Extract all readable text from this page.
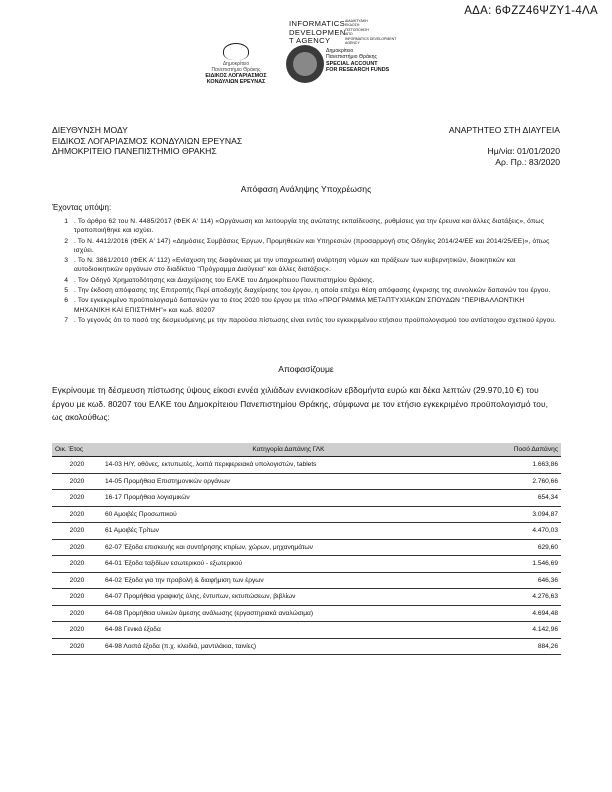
ΑΔΑ: 6ΦΖΖ46ΨΖΥ1-4ΛΑ
Δημοκρίτειο
Πανεπιστήμιο Θράκης
ΕΙΔΙΚΟΣ ΛΟΓΑΡΙΑΣΜΟΣ
ΚΟΝΔΥΛΙΩΝ ΕΡΕΥΝΑΣ
INFORMATICS
DEVELOPMEN
T AGENCY
ΔΙΑΔΙΚΤΥΑΚΗ
ΕΚΔΟΣΗ
ΠΙΣΤΟΠΟΙΗΣΗ
ΑΠΟ
INFORMATICS DEVELOPMENT
AGENCY
Δημοκρίτειο
Πανεπιστήμιο Θράκης
SPECIAL ACCOUNT
FOR RESEARCH FUNDS
ΔΙΕΥΘΥΝΣΗ ΜΟΔΥ
ΕΙΔΙΚΟΣ ΛΟΓΑΡΙΑΣΜΟΣ ΚΟΝΔΥΛΙΩΝ ΕΡΕΥΝΑΣ
ΔΗΜΟΚΡΙΤΕΙΟ ΠΑΝΕΠΙΣΤΗΜΙΟ ΘΡΑΚΗΣ
ΑΝΑΡΤΗΤΕΟ ΣΤΗ ΔΙΑΥΓΕΙΑ
Ημ/νία: 01/01/2020
Αρ. Πρ.: 83/2020
Απόφαση Ανάληψης Υποχρέωσης
Έχοντας υπόψη:
1 . Το άρθρο 62 του Ν. 4485/2017 (ΦΕΚ Α' 114) «Οργάνωση και λειτουργία της ανώτατης εκπαίδευσης, ρυθμίσεις για την έρευνα και άλλες διατάξεις», όπως τροποποιήθηκε και ισχύει.
2 . Το Ν. 4412/2016 (ΦΕΚ Α' 147) «Δημόσιες Συμβάσεις Έργων, Προμηθειών και Υπηρεσιών (προσαρμογή στις Οδηγίες 2014/24/ΕΕ και 2014/25/ΕΕ)», όπως ισχύει.
3 . Το Ν. 3861/2010 (ΦΕΚ Α' 112) «Ενίσχυση της διαφάνειας με την υποχρεωτική ανάρτηση νόμων και πράξεων των κυβερνητικών, διοικητικών και αυτοδιοικητικών οργάνων στο διαδίκτυο "Πρόγραμμα Διαύγεια" και άλλες διατάξεις».
4 . Τον Οδηγό Χρηματοδότησης και Διαχείρισης του ΕΛΚΕ του Δημοκρίτειου Πανεπιστημίου Θράκης.
5 . Την έκδοση απόφασης της Επιτροπής Περί αποδοχής διαχείρισης του έργου, η οποία επέχει θέση απόφασης έγκρισης της συνολικών δαπανών του έργου.
6 . Τον εγκεκριμένο προϋπολογισμό δαπανών για το έτος 2020 του έργου με τίτλο «ΠΡΟΓΡΑΜΜΑ ΜΕΤΑΠΤΥΧΙΑΚΩΝ ΣΠΟΥΔΩΝ "ΠΕΡΙΒΑΛΛΟΝΤΙΚΗ ΜΗΧΑΝΙΚΗ ΚΑΙ ΕΠΙΣΤΗΜΗ"» και κωδ. 80207
7 . Το γεγονός ότι το ποσό της δεσμευόμενης με την παρούσα πίστωσης είναι εντός του εγκεκριμένου ετήσιου προϋπολογισμού του αντίστοιχου σχετικού έργου.
Αποφασίζουμε
Εγκρίνουμε τη δέσμευση πίστωσης ύψους είκοσι εννέα χιλιάδων εννιακοσίων εβδομήντα ευρώ και δέκα λεπτών (29.970,10 €) του έργου με κωδ. 80207 του ΕΛΚΕ του Δημοκρίτειου Πανεπιστημίου Θράκης, σύμφωνα με τον ετήσιο εγκεκριμένο προϋπολογισμό του, ως ακολούθως:
Οικ. Έτος	Κατηγορία Δαπάνης ΓΛΚ	Ποσό Δαπάνης
2020	14-03 Η/Υ, οθόνες, εκτυπωτές, λοιπά περιφερειακά υπολογιστών, tablets	1.663,86
2020	14-05 Προμήθεια Επιστημονικών οργάνων	2.760,66
2020	16-17 Προμήθεια λογισμικών	654,34
2020	60 Αμοιβές Προσωπικού	3.094,87
2020	61 Αμοιβές Τρίτων	4.470,03
2020	62-07 Έξοδα επισκευής και συντήρησης κτιρίων, χώρων, μηχανημάτων	629,60
2020	64-01 Έξοδα ταξιδίων εσωτερικού - εξωτερικού	1.546,69
2020	64-02 Έξοδα για την προβολή & διαφήμιση των έργων	646,36
2020	64-07 Προμήθεια γραφικής ύλης, έντυπων, εκτυπώσεων, βιβλίων	4.276,63
2020	64-08 Προμήθεια υλικών άμεσης ανάλωσης (εργαστηριακά αναλώσιμα)	4.694,48
2020	64-98 Γενικά έξοδα	4.142,96
2020	64-98 Λοιπά έξοδα (π.χ. κλειδιά, μαντιλάκια, ταινίες)	884,26
